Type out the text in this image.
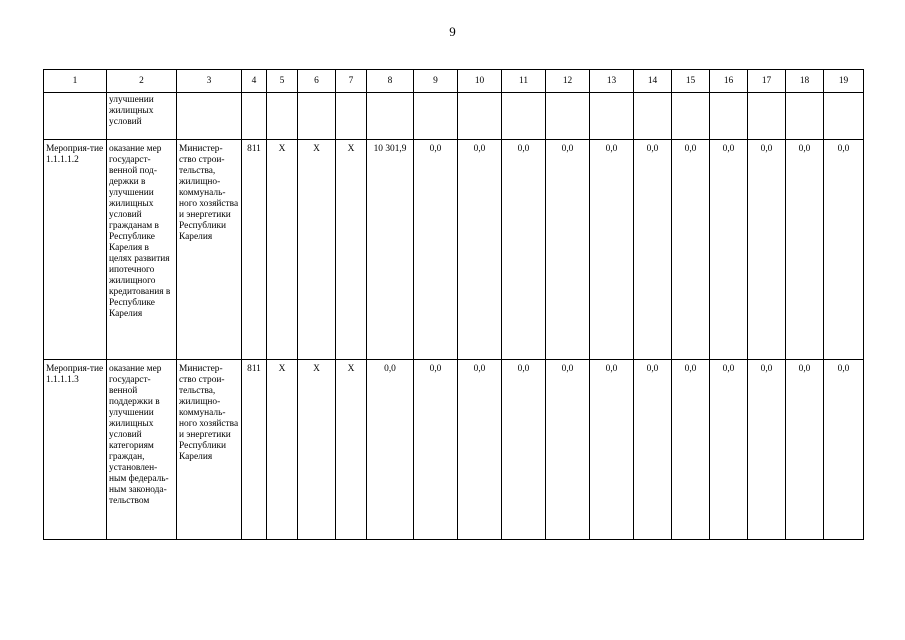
9
1	2	3	4	5	6	7	8	9	10	11	12	13	14	15	16	17	18	19
	улучшении жилищных условий																	
Мероприя-тие 1.1.1.1.2	оказание мер государст-венной под-держки в улучшении жилищных условий гражданам в Республике Карелия в целях развития ипотечного жилищного кредитования в Республике Карелия	Министер-ство строи-тельства, жилищно-коммуналь-ного хозяйства и энергетики Республики Карелия	811	Х	Х	Х	10 301,9	0,0	0,0	0,0	0,0	0,0	0,0	0,0	0,0	0,0	0,0	0,0
Мероприя-тие 1.1.1.1.3	оказание мер государст-венной поддержки в улучшении жилищных условий категориям граждан, установлен-ным федераль-ным законода-тельством	Министер-ство строи-тельства, жилищно-коммуналь-ного хозяйства и энергетики Республики Карелия	811	Х	Х	Х	0,0	0,0	0,0	0,0	0,0	0,0	0,0	0,0	0,0	0,0	0,0	0,0
